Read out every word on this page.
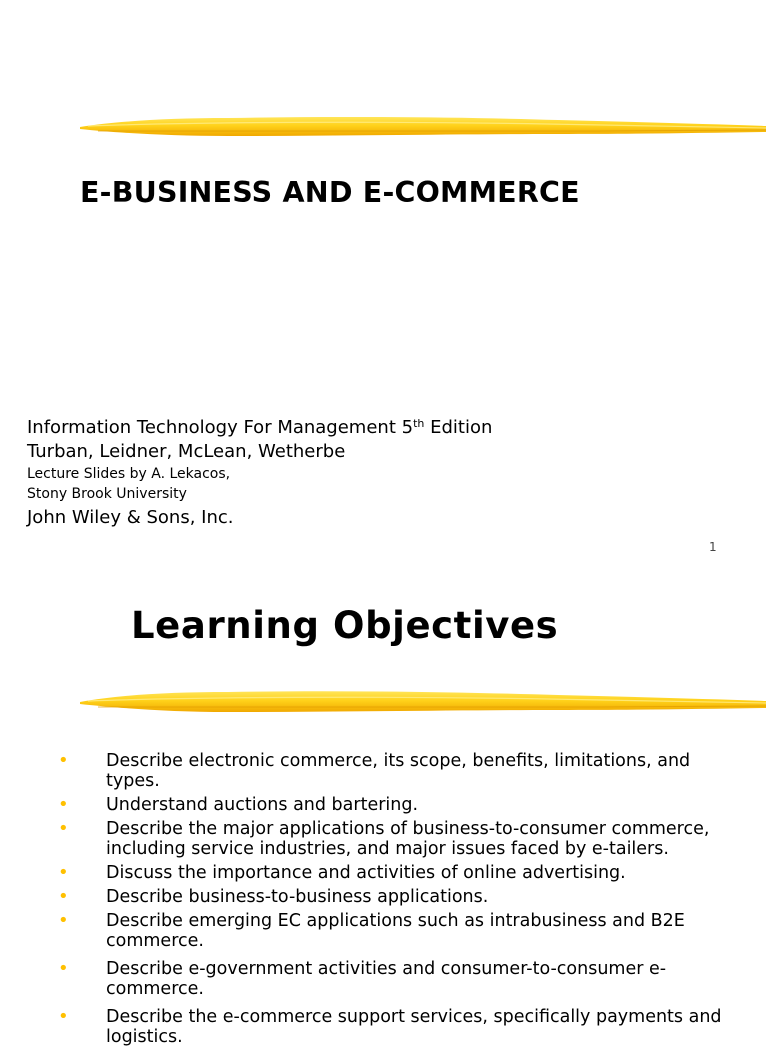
E-BUSINESS AND E-COMMERCE
Information Technology For Management 5th Edition
Turban, Leidner, McLean, Wetherbe
Lecture Slides by A. Lekacos,
Stony Brook University
John Wiley & Sons, Inc.
1
Learning Objectives
• Describe electronic commerce, its scope, benefits, limitations, and types.
• Understand auctions and bartering.
• Describe the major applications of business-to-consumer commerce, including service industries, and major issues faced by e-tailers.
• Discuss the importance and activities of online advertising.
• Describe business-to-business applications.
• Describe emerging EC applications such as intrabusiness and B2E commerce.
• Describe e-government activities and consumer-to-consumer e-commerce.
• Describe the e-commerce support services, specifically payments and logistics.
